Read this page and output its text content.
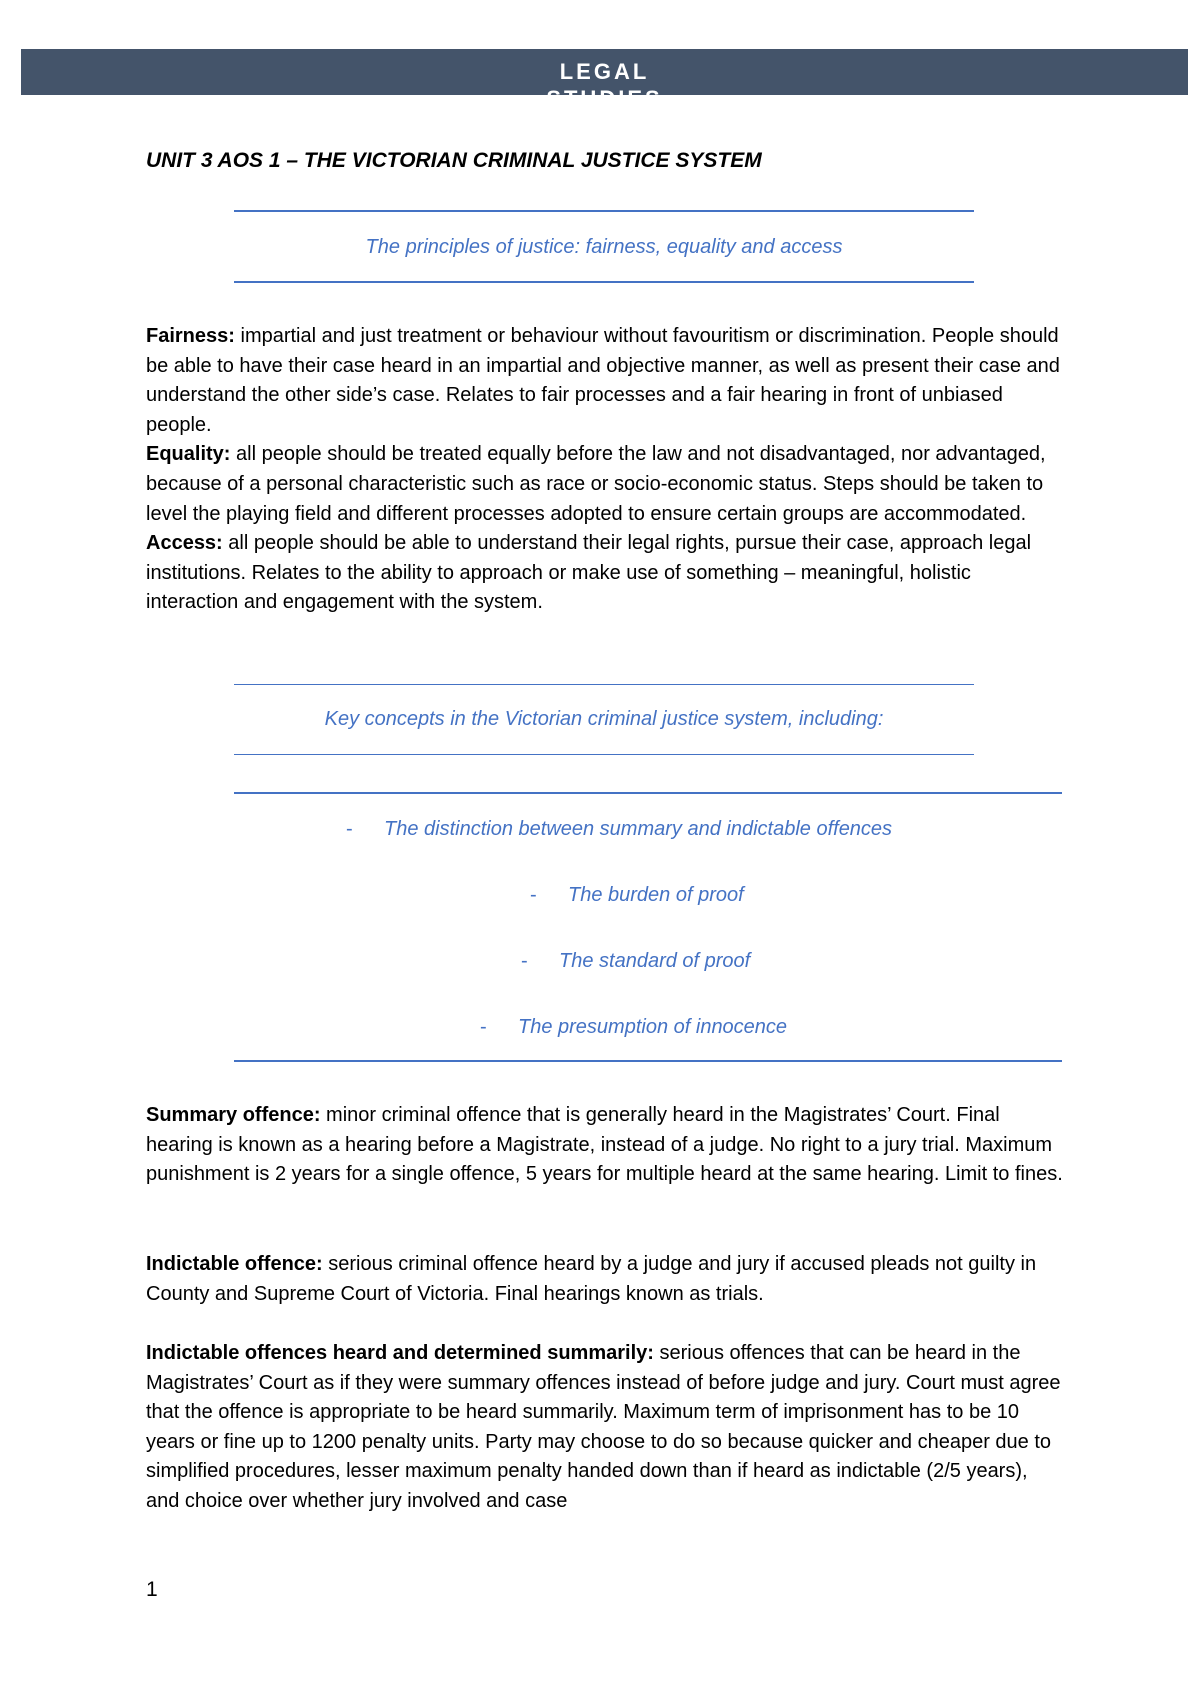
LEGAL
STUDIES
UNIT 3 AOS 1 – THE VICTORIAN CRIMINAL JUSTICE SYSTEM
The principles of justice: fairness, equality and access
Fairness: impartial and just treatment or behaviour without favouritism or discrimination. People should be able to have their case heard in an impartial and objective manner, as well as present their case and understand the other side’s case. Relates to fair processes and a fair hearing in front of unbiased people.
Equality: all people should be treated equally before the law and not disadvantaged, nor advantaged, because of a personal characteristic such as race or socio-economic status. Steps should be taken to level the playing field and different processes adopted to ensure certain groups are accommodated.
Access: all people should be able to understand their legal rights, pursue their case, approach legal institutions. Relates to the ability to approach or make use of something – meaningful, holistic interaction and engagement with the system.
Key concepts in the Victorian criminal justice system, including:
- The distinction between summary and indictable offences
- The burden of proof
- The standard of proof
- The presumption of innocence
Summary offence: minor criminal offence that is generally heard in the Magistrates’ Court. Final hearing is known as a hearing before a Magistrate, instead of a judge. No right to a jury trial. Maximum punishment is 2 years for a single offence, 5 years for multiple heard at the same hearing. Limit to fines.
Indictable offence: serious criminal offence heard by a judge and jury if accused pleads not guilty in County and Supreme Court of Victoria. Final hearings known as trials.
Indictable offences heard and determined summarily: serious offences that can be heard in the Magistrates’ Court as if they were summary offences instead of before judge and jury. Court must agree that the offence is appropriate to be heard summarily. Maximum term of imprisonment has to be 10 years or fine up to 1200 penalty units. Party may choose to do so because quicker and cheaper due to simplified procedures, lesser maximum penalty handed down than if heard as indictable (2/5 years), and choice over whether jury involved and case
1
